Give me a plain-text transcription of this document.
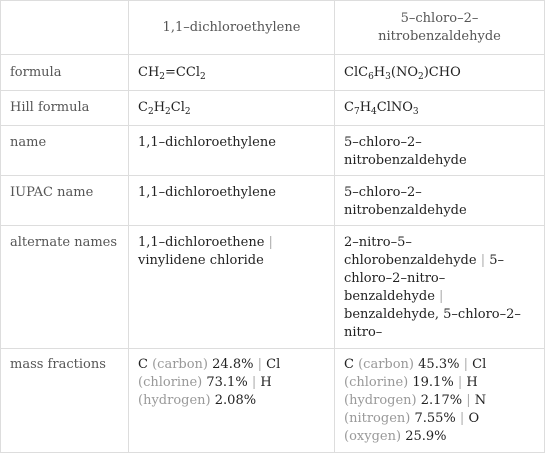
	1,1–dichloroethylene	5–chloro–2–nitrobenzaldehyde
formula	$CH_2=CCl_2$	$ClC_6H_3(NO_2)CHO$
Hill formula	$C_2H_2Cl_2$	$C_7H_4ClNO_3$
name	1,1–dichloroethylene	5–chloro–2–nitrobenzaldehyde
IUPAC name	1,1–dichloroethylene	5–chloro–2–nitrobenzaldehyde
alternate names	1,1–dichloroethene | vinylidene chloride	2–nitro–5–chlorobenzaldehyde | 5–chloro–2–nitro–benzaldehyde | benzaldehyde, 5–chloro–2–nitro–
mass fractions	C (carbon) 24.8% | Cl (chlorine) 73.1% | H (hydrogen) 2.08%	C (carbon) 45.3% | Cl (chlorine) 19.1% | H (hydrogen) 2.17% | N (nitrogen) 7.55% | O (oxygen) 25.9%
